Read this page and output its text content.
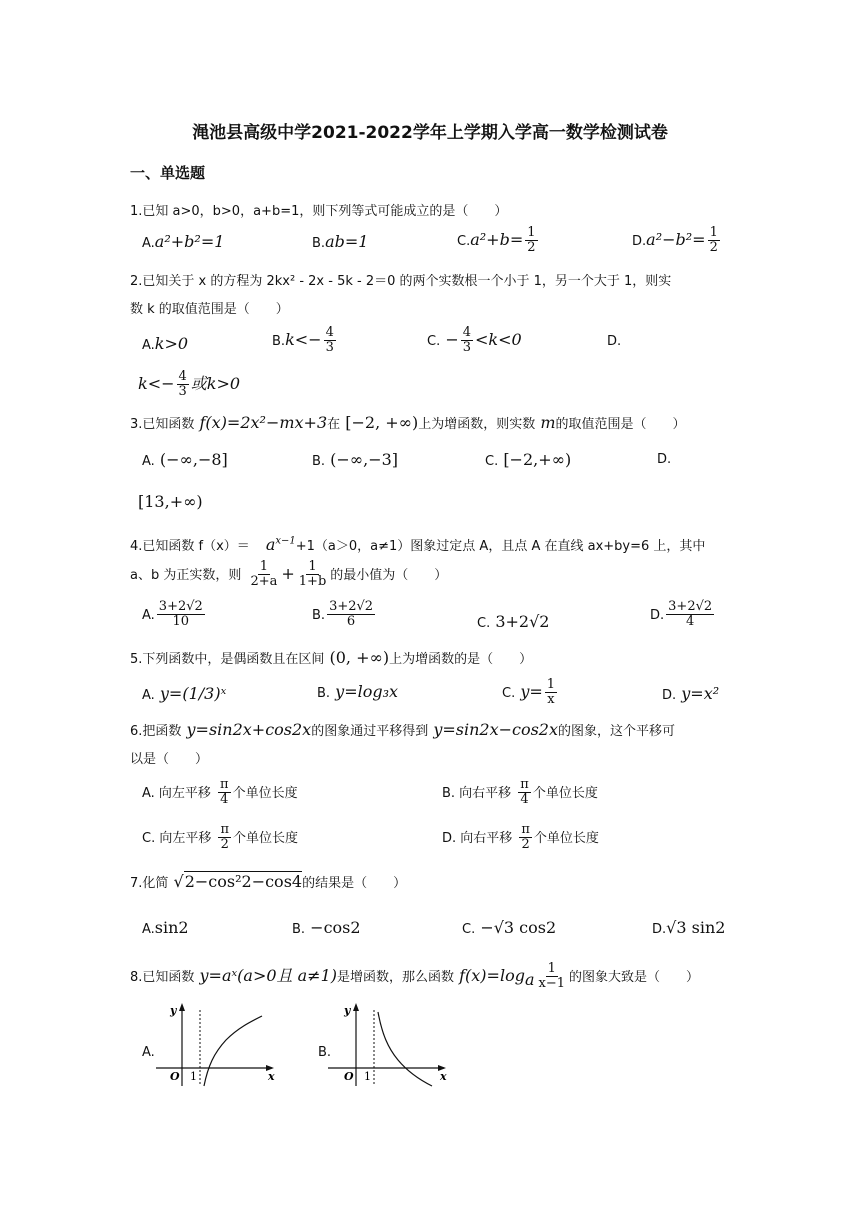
渑池县高级中学2021-2022学年上学期入学高一数学检测试卷
一、单选题
1.已知 a>0，b>0，a+b=1，则下列等式可能成立的是（　　）
A.a²+b²=1	B.ab=1	$C.a^2+b= \frac{1}{2}$	$D.a^2-b^2= \frac{1}{2}$
2.已知关于 x 的方程为 2kx² - 2x - 5k - 2＝0 的两个实数根一个小于 1，另一个大于 1，则实
数 k 的取值范围是（　　）
A.k>0	$B.k<- \frac{4}{3}$	C. − $\frac{4}{3} <k<0$	D.
$k<- \frac{4}{3}$ 或k>0
3.已知函数 f(x)=2x²−mx+3在 [−2, +∞)上为增函数，则实数 m的取值范围是（　　）
A. (−∞,−8]	B. (−∞,−3]	C. [−2,+∞)	D.
[13,+∞)
4.已知函数 f（x）＝　 $a^{x-1}+1(a>0$，a≠1）图象过定点 A，且点 A 在直线 ax+by=6 上，其中
a、b 为正实数，则 $\frac{1}{2+a} + \frac{1}{1+b}$ 的最小值为（　　）
A. $\frac{3+2√2}{10}$	B. $\frac{3+2√2}{6}$	C. 3+2√2	D. $\frac{3+2√2}{4}$
5.下列函数中，是偶函数且在区间 (0, +∞)上为增函数的是（　　）
A. y=(1/3)ˣ	B. y=log₃x	C. $y= \frac{1}{x}$	D. y=x²
6.把函数 y=sin2x+cos2x的图象通过平移得到 y=sin2x−cos2x的图象，这个平移可
以是（　　）
A. 向左平移 $\frac{\pi}{4}$ 个单位长度	B. 向右平移 $\frac{\pi}{4}$ 个单位长度
C. 向左平移 $\frac{\pi}{2}$ 个单位长度	D. 向右平移 $\frac{\pi}{2}$ 个单位长度
7.化简 √2−cos²2−cos4的结果是（　　）
A.sin2	B. −cos2	C. −√3 cos2	D.√3 sin2
8.已知函数 y=aˣ(a>0且 a≠1)是增函数，那么函数 $f(x)=\log_a \frac{1}{x-1}$ 的图象大致是（　　）
A.
y
x
O 1
B.
y
x
O 1
